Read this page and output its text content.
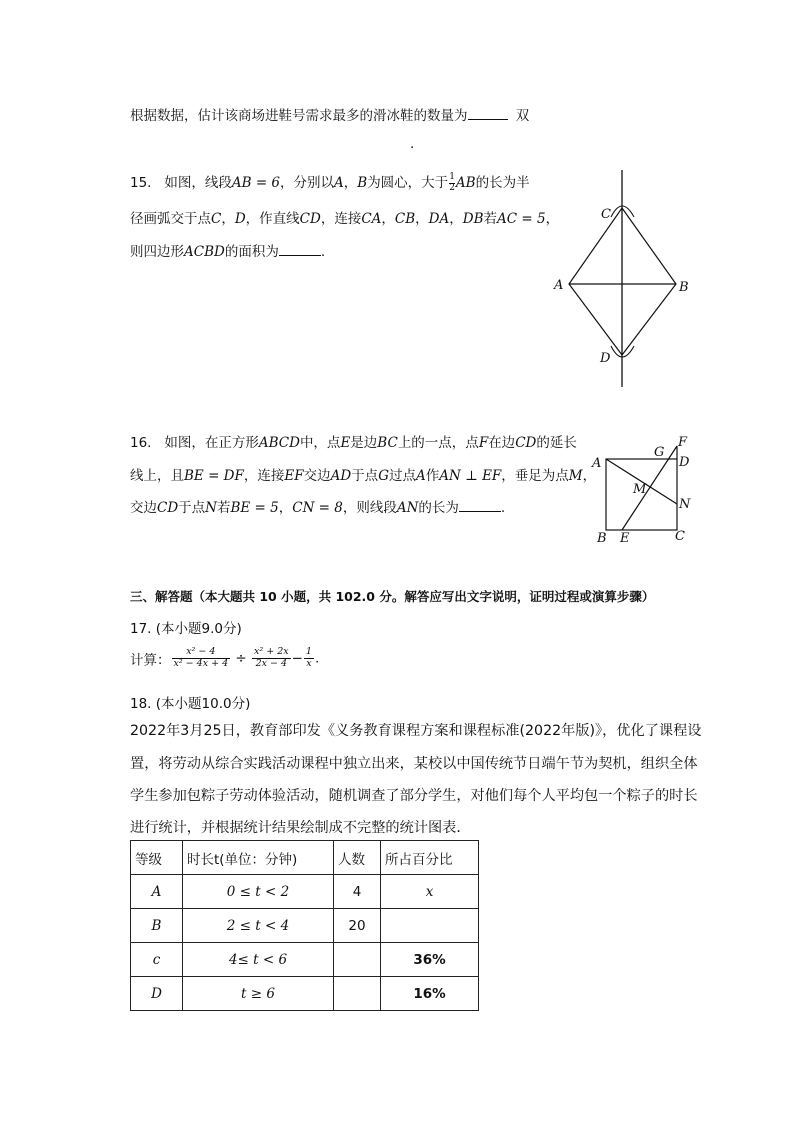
根据数据，估计该商场进鞋号需求最多的滑冰鞋的数量为	双
.
15. 如图，线段AB = 6，分别以A，B为圆心，大于 $\frac{1}{2}AB$的长为半
径画弧交于点C，D，作直线CD，连接CA，CB，DA，DB若AC = 5，
则四边形ACBD的面积为	.
C
A	B
D
16. 如图，在正方形ABCD中，点E是边BC上的一点，点F在边CD的延长
线上，且BE = DF，连接EF交边AD于点G过点A作AN ⊥ EF，垂足为点M，
交边CD于点N若BE = 5，CN = 8，则线段AN的长为	.
G
F
A	D
M
N
B E	C
三、解答题（本大题共 10 小题，共 102.0 分。解答应写出文字说明，证明过程或演算步骤）
17. (本小题9.0分)
计算： $\frac{\text{x² − 4}}{\text{x² − 4x + 4}} \div \frac{\text{x² + 2x}}{2x - 4} - \frac{1}{x}$ .
18. (本小题10.0分)
2022年3月25日，教育部印发《义务教育课程方案和课程标准(2022年版)》，优化了课程设
置，将劳动从综合实践活动课程中独立出来，某校以中国传统节日端午节为契机，组织全体
学生参加包粽子劳动体验活动，随机调查了部分学生，对他们每个人平均包一个粽子的时长
进行统计，并根据统计结果绘制成不完整的统计图表．
等级	时长t(单位：分钟)	人数	所占百分比
A	0 ≤ t < 2	4	x
B	2 ≤ t < 4	20	
c	4≤ t < 6		36%
D	t ≥ 6		16%
